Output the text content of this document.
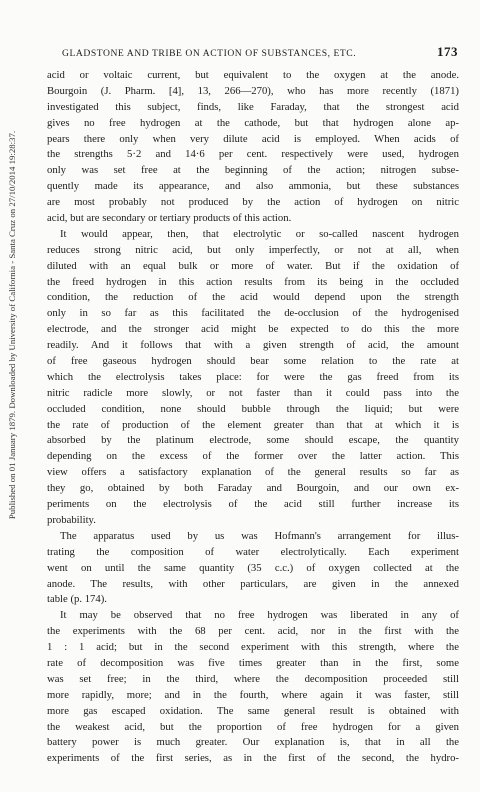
Published on 01 January 1879. Downloaded by University of California - Santa Cruz on 27/10/2014 19:28:37.
GLADSTONE AND TRIBE ON ACTION OF SUBSTANCES, ETC.	173
acid or voltaic current, but equivalent to the oxygen at the anode.
Bourgoin (J. Pharm. [4], 13, 266—270), who has more recently (1871)
investigated this subject, finds, like Faraday, that the strongest acid
gives no free hydrogen at the cathode, but that hydrogen alone ap-
pears there only when very dilute acid is employed. When acids of
the strengths 5·2 and 14·6 per cent. respectively were used, hydrogen
only was set free at the beginning of the action; nitrogen subse-
quently made its appearance, and also ammonia, but these substances
are most probably not produced by the action of hydrogen on nitric
acid, but are secondary or tertiary products of this action.
It would appear, then, that electrolytic or so-called nascent hydrogen
reduces strong nitric acid, but only imperfectly, or not at all, when
diluted with an equal bulk or more of water. But if the oxidation of
the freed hydrogen in this action results from its being in the occluded
condition, the reduction of the acid would depend upon the strength
only in so far as this facilitated the de-occlusion of the hydrogenised
electrode, and the stronger acid might be expected to do this the more
readily. And it follows that with a given strength of acid, the amount
of free gaseous hydrogen should bear some relation to the rate at
which the electrolysis takes place: for were the gas freed from its
nitric radicle more slowly, or not faster than it could pass into the
occluded condition, none should bubble through the liquid; but were
the rate of production of the element greater than that at which it is
absorbed by the platinum electrode, some should escape, the quantity
depending on the excess of the former over the latter action. This
view offers a satisfactory explanation of the general results so far as
they go, obtained by both Faraday and Bourgoin, and our own ex-
periments on the electrolysis of the acid still further increase its
probability.
The apparatus used by us was Hofmann's arrangement for illus-
trating the composition of water electrolytically. Each experiment
went on until the same quantity (35 c.c.) of oxygen collected at the
anode. The results, with other particulars, are given in the annexed
table (p. 174).
It may be observed that no free hydrogen was liberated in any of
the experiments with the 68 per cent. acid, nor in the first with the
1 : 1 acid; but in the second experiment with this strength, where the
rate of decomposition was five times greater than in the first, some
was set free; in the third, where the decomposition proceeded still
more rapidly, more; and in the fourth, where again it was faster, still
more gas escaped oxidation. The same general result is obtained with
the weakest acid, but the proportion of free hydrogen for a given
battery power is much greater. Our explanation is, that in all the
experiments of the first series, as in the first of the second, the hydro-
